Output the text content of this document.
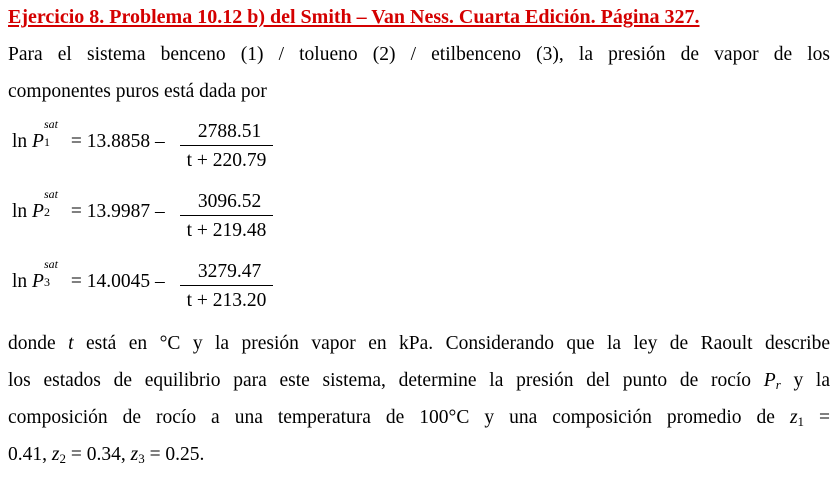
Ejercicio 8. Problema 10.12 b) del Smith – Van Ness. Cuarta Edición. Página 327.

Para el sistema benceno (1) / tolueno (2) / etilbenceno (3), la presión de vapor de los
componentes puros está dada por

ln P
sat
1 = 13.8858 –	2788.51
t + 220.79
ln P
sat
2 = 13.9987 –	3096.52
t + 219.48
ln P
sat
3 = 14.0045 –	3279.47
t + 213.20

donde t está en °C y la presión vapor en kPa. Considerando que la ley de Raoult describe
los estados de equilibrio para este sistema, determine la presión del punto de rocío $P_r$ y la
composición de rocío a una temperatura de 100°C y una composición promedio de $z_1$ =
0.41, $z_2 = 0.34$, $z_3 = 0.25$.
